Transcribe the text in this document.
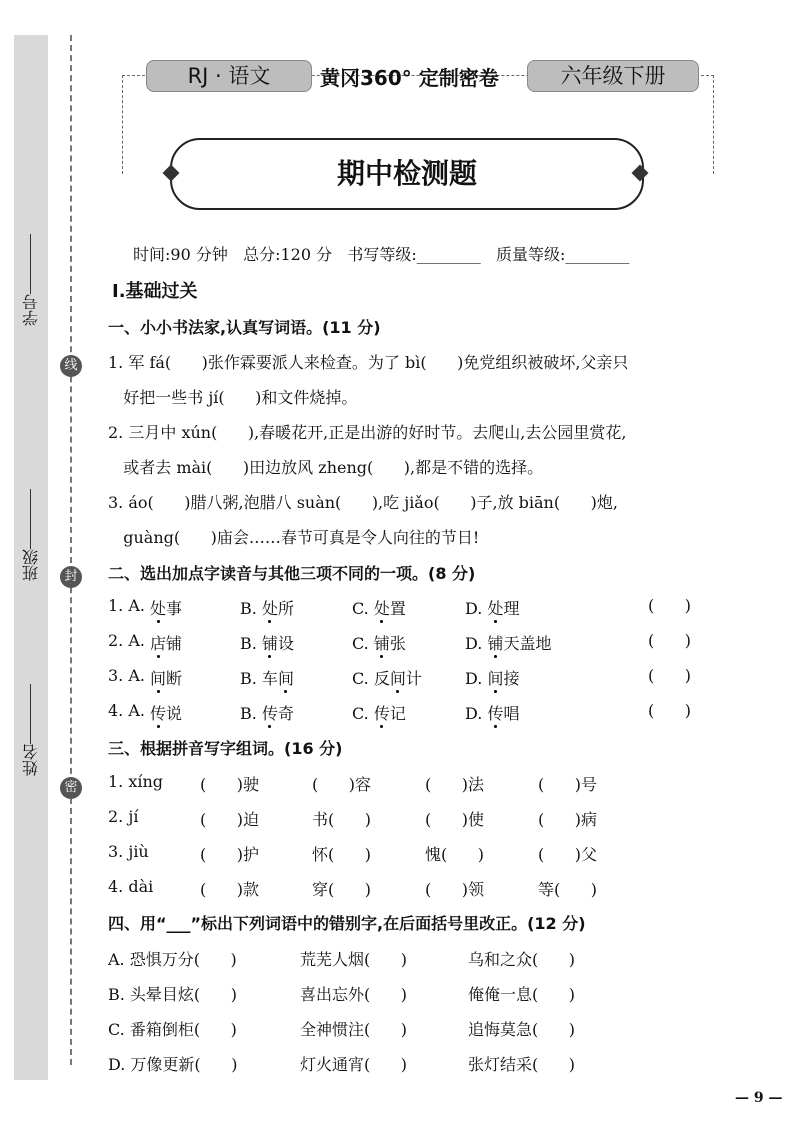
学号
班级
姓名
线
封
密
RJ · 语文	黄冈360° 定制密卷	六年级下册
期中检测题
时间:90 分钟   总分:120 分   书写等级:________   质量等级:________
Ⅰ.基础过关
一、小小书法家,认真写词语。(11 分)
二、选出加点字读音与其他三项不同的一项。(8 分)
三、根据拼音写字组词。(16 分)
四、用“___”标出下列词语中的错别字,在后面括号里改正。(12 分)
— 9 —
1. 军 fá(      )张作霖要派人来检查。为了 bì(      )免党组织被破坏,父亲只
好把一些书 jí(      )和文件烧掉。
2. 三月中 xún(      ),春暖花开,正是出游的好时节。去爬山,去公园里赏花,
或者去 mài(      )田边放风 zheng(      ),都是不错的选择。
3. áo(      )腊八粥,泡腊八 suàn(      ),吃 jiǎo(      )子,放 biān(      )炮,
guàng(      )庙会……春节可真是令人向往的节日!
1. A. 处事	B. 处所	C. 处置	D. 处理	(      )
2. A. 店铺	B. 铺设	C. 铺张	D. 铺天盖地	(      )
3. A. 间断	B. 车间	C. 反间计	D. 间接	(      )
4. A. 传说	B. 传奇	C. 传记	D. 传唱	(      )
1. xíng (      )驶	(      )容	(      )法	(      )号
2. jí	(      )迫	书(      )	(      )使	(      )病
3. jiù	(      )护	怀(      )	愧(      )	(      )父
4. dài	(      )款	穿(      )	(      )领	等(      )
A. 恐惧万分(      )	荒芜人烟(      )	乌和之众(      )
B. 头晕目炫(      )	喜出忘外(      )	俺俺一息(      )
C. 番箱倒柜(      )	全神惯注(      )	追悔莫急(      )
D. 万像更新(      )	灯火通宵(      )	张灯结采(      )
